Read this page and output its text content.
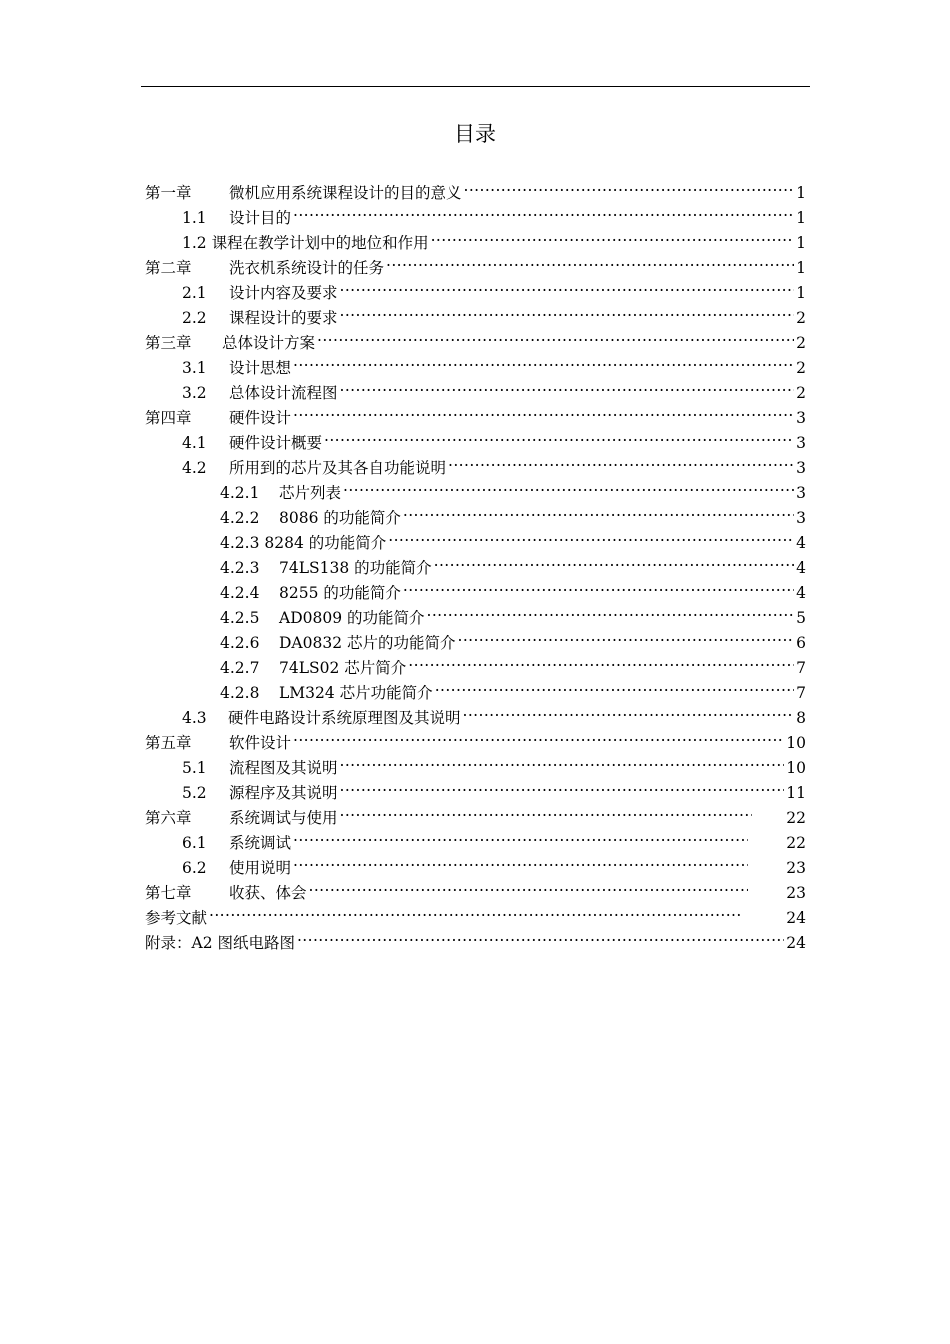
目录
第一章	微机应用系统课程设计的目的意义 .....	1
1.1	设计目的 .....	1
1.2 课程在教学计划中的地位和作用 .....	1
第二章	洗衣机系统设计的任务 .....	1
2.1	设计内容及要求 .....	1
2.2	课程设计的要求 .....	2
第三章	总体设计方案 .....	2
3.1	设计思想 .....	2
3.2	总体设计流程图 .....	2
第四章	硬件设计 .....	3
4.1	硬件设计概要 .....	3
4.2	所用到的芯片及其各自功能说明 .....	3
4.2.1	芯片列表 .....	3
4.2.2	8086 的功能简介 .....	3
4.2.3 8284 的功能简介 .....	4
4.2.3	74LS138 的功能简介 .....	4
4.2.4	8255 的功能简介 .....	4
4.2.5	AD0809 的功能简介 .....	5
4.2.6	DA0832 芯片的功能简介 .....	6
4.2.7	74LS02 芯片简介 .....	7
4.2.8	LM324 芯片功能简介 .....	7
4.3	硬件电路设计系统原理图及其说明 .....	8
第五章	软件设计 .....	10
5.1	流程图及其说明 .....	10
5.2	源程序及其说明 .....	11
第六章	系统调试与使用 .....	22
6.1	系统调试 .....	22
6.2	使用说明 .....	23
第七章	收获、体会 .....	23
参考文献 .....	24
附录：A2 图纸电路图 .....	24
